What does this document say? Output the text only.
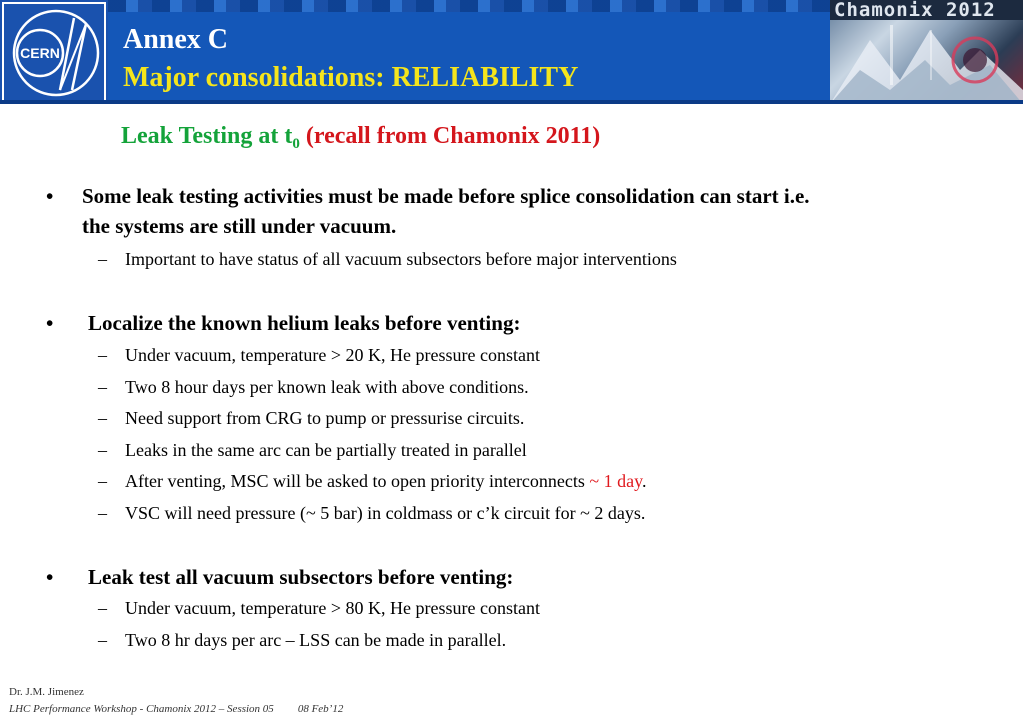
CERN Annex C
Major consolidations: RELIABILITY
Chamonix 2012
Leak Testing at $t_0$ (recall from Chamonix 2011)
• Some leak testing activities must be made before splice consolidation can start i.e.
the systems are still under vacuum.
– Important to have status of all vacuum subsectors before major interventions
• Localize the known helium leaks before venting:
– Under vacuum, temperature > 20 K, He pressure constant
– Two 8 hour days per known leak with above conditions.
– Need support from CRG to pump or pressurise circuits.
– Leaks in the same arc can be partially treated in parallel
– After venting, MSC will be asked to open priority interconnects ~ 1 day.
– VSC will need pressure (~ 5 bar) in coldmass or c’k circuit for ~ 2 days.
• Leak test all vacuum subsectors before venting:
– Under vacuum, temperature > 80 K, He pressure constant
– Two 8 hr days per arc – LSS can be made in parallel.
Dr. J.M. Jimenez
LHC Performance Workshop - Chamonix 2012 – Session 05 08 Feb’12
